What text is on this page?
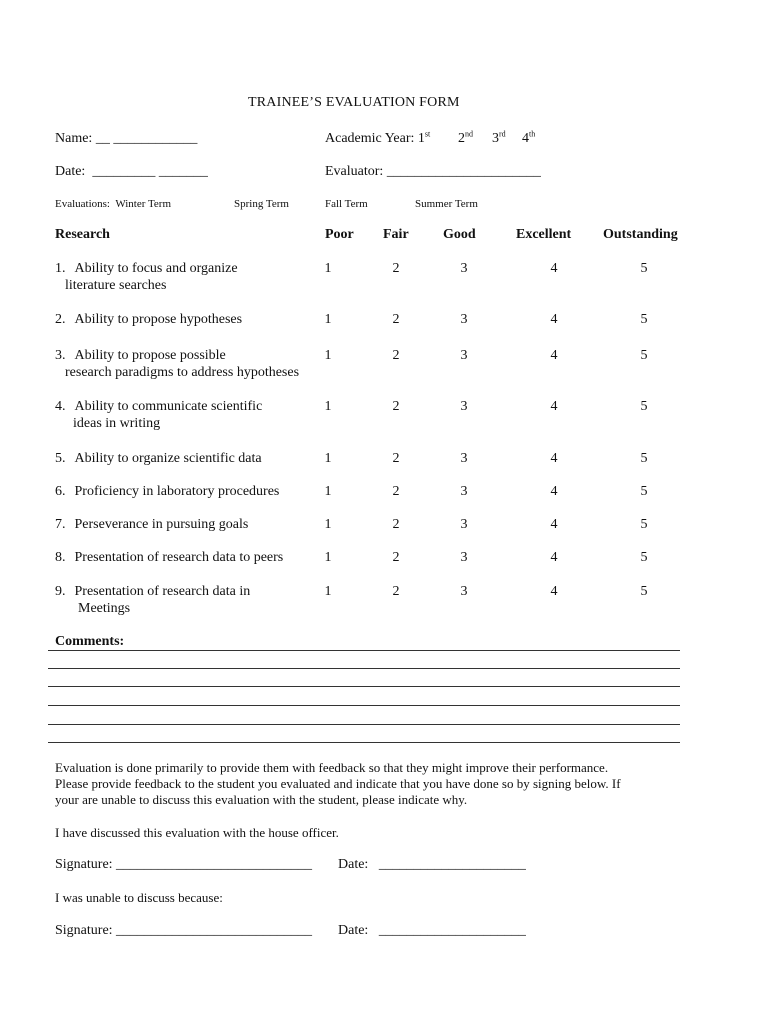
TRAINEE’S EVALUATION FORM
Name: __ ____________	Academic Year: 1st 2nd 3rd 4th
Date: _________ _______	Evaluator: ______________________
Evaluations: Winter Term	Spring Term	Fall Term	Summer Term
Research	Poor Fair Good	Excellent Outstanding
1. Ability to focus and organize
literature searches
1	2	3	4	5
2. Ability to propose hypotheses	1	2	3	4	5
3. Ability to propose possible
research paradigms to address hypotheses
1	2	3	4	5
4. Ability to communicate scientific
ideas in writing
1	2	3	4	5
5. Ability to organize scientific data	1	2	3	4	5
6. Proficiency in laboratory procedures	1	2	3	4	5
7. Perseverance in pursuing goals	1	2	3	4	5
8. Presentation of research data to peers	1	2	3	4	5
9. Presentation of research data in
Meetings
1	2	3	4	5
Comments:
Evaluation is done primarily to provide them with feedback so that they might improve their performance.
Please provide feedback to the student you evaluated and indicate that you have done so by signing below. If
your are unable to discuss this evaluation with the student, please indicate why.
I have discussed this evaluation with the house officer.
Signature: ____________________________ Date: _____________________
I was unable to discuss because:
Signature: ____________________________ Date: _____________________
